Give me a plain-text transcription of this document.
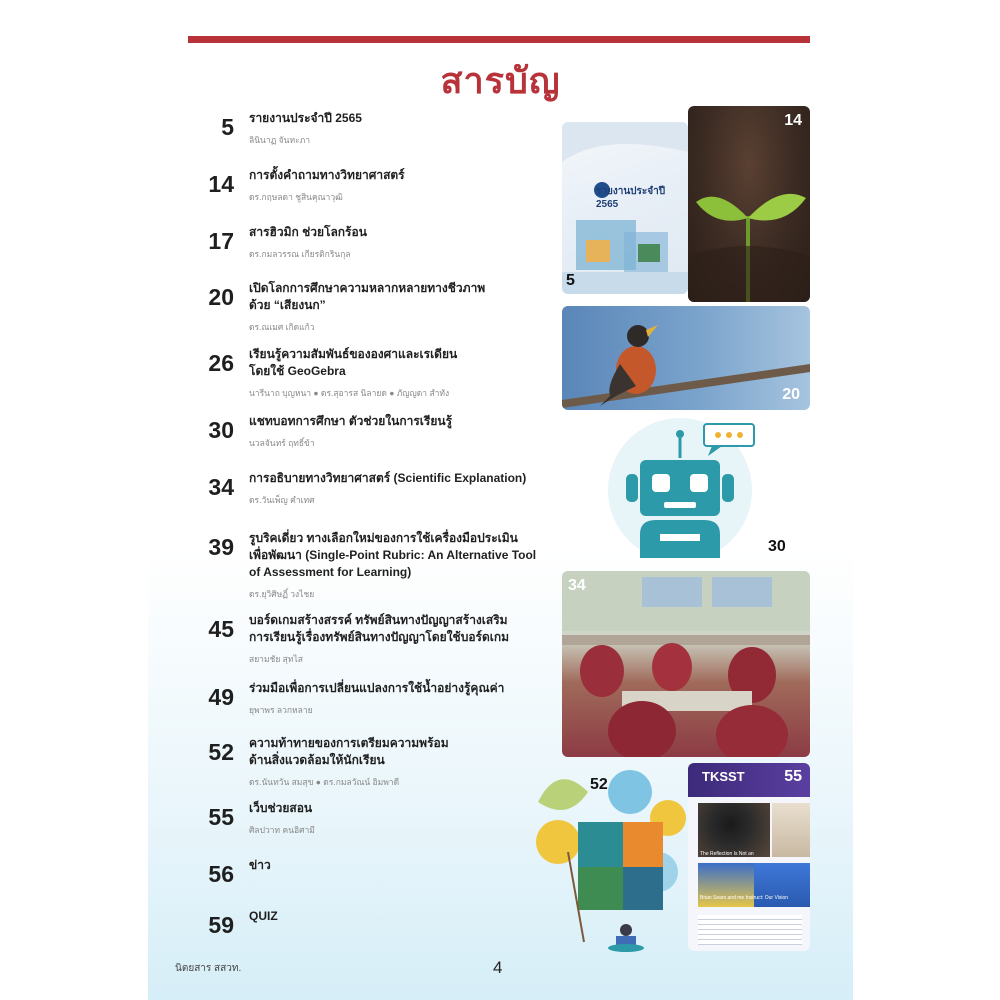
สารบัญ
5 รายงานประจำปี 2565
ลินินาฏ จันทะภา
14 การตั้งคำถามทางวิทยาศาสตร์
ดร.กฤษลดา ชูสินคุณาวุฒิ
17 สารฮิวมิก ช่วยโลกร้อน
ดร.กมลวรรณ เกียรติกรินกุล
20 เปิดโลกการศึกษาความหลากหลายทางชีวภาพ
ด้วย “เสียงนก”
ดร.ณเมศ เกิดแก้ว
26 เรียนรู้ความสัมพันธ์ขององศาและเรเดียน
โดยใช้ GeoGebra
นารีนาถ บุญหนา ● ดร.สุอารส นิลายด ● ภัญญดา สำทัง
30 แชทบอทการศึกษา ตัวช่วยในการเรียนรู้
นวลจันทร์ ฤทธิ์ข้า
34 การอธิบายทางวิทยาศาสตร์ (Scientific Explanation)
ดร.วันเพ็ญ คำเทศ
39 รูบริคเดี่ยว ทางเลือกใหม่ของการใช้เครื่องมือประเมิน
เพื่อพัฒนา (Single-Point Rubric: An Alternative Tool
of Assessment for Learning)
ดร.ยุวิศิษฏิ์ วงไชย
45 บอร์ดเกมสร้างสรรค์ ทรัพย์สินทางปัญญาสร้างเสริม
การเรียนรู้เรื่องทรัพย์สินทางปัญญาโดยใช้บอร์ดเกม
สยามชัย สุทไส
49 ร่วมมือเพื่อการเปลี่ยนแปลงการใช้น้ำอย่างรู้คุณค่า
ยุพาพร ลวกหลาย
52 ความท้าทายของการเตรียมความพร้อม
ด้านสิ่งแวดล้อมให้นักเรียน
ดร.นันทวัน สมสุข ● ดร.กมลวัณน์ อิมพาดี
55 เว็บช่วยสอน
ศิลปวาท คนอิศามี
56 ข่าว
59 QUIZ
รายงานประจำปี 2565
5
14
20
30
34
52	TKSST 55
The Reflection Is Not an evaluation about self-
Brian Sears and me Instruct: Our Vision
นิตยสาร สสวท.	4
